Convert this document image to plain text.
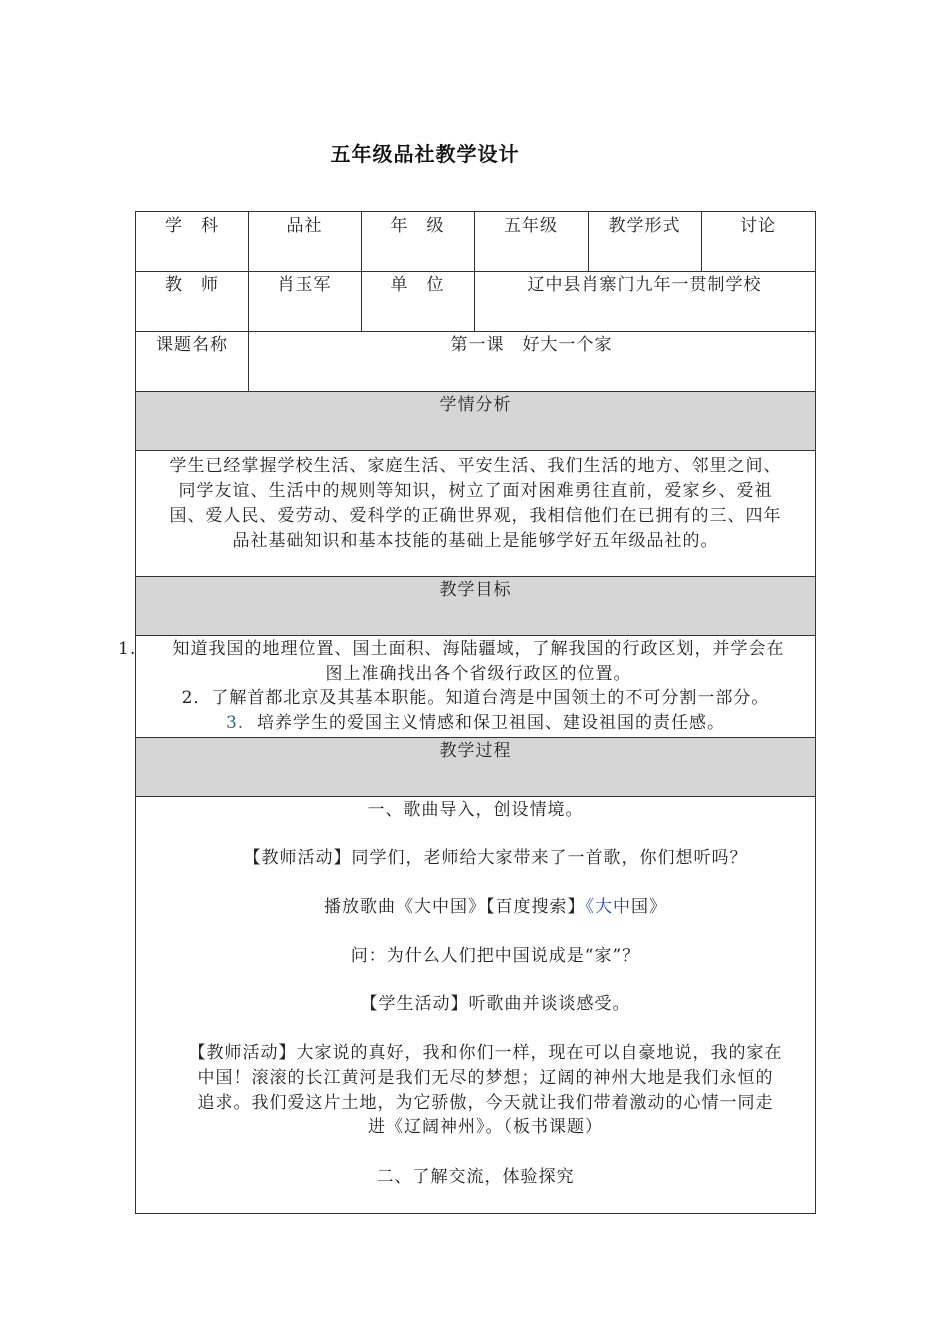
五年级品社教学设计
学　科	品社	年　级	五年级	教学形式	讨论
教　师	肖玉军	单　位	辽中县肖寨门九年一贯制学校
课题名称	第一课　好大一个家
学情分析
学生已经掌握学校生活、家庭生活、平安生活、我们生活的地方、邻里之间、
同学友谊、生活中的规则等知识，树立了面对困难勇往直前，爱家乡、爱祖
国、爱人民、爱劳动、爱科学的正确世界观，我相信他们在已拥有的三、四年
品社基础知识和基本技能的基础上是能够学好五年级品社的。
教学目标
1.	知道我国的地理位置、国土面积、海陆疆域，了解我国的行政区划，并学会在
图上准确找出各个省级行政区的位置。
2．了解首都北京及其基本职能。知道台湾是中国领土的不可分割一部分。
3. 培养学生的爱国主义情感和保卫祖国、建设祖国的责任感。
教学过程
一、歌曲导入，创设情境。
【教师活动】同学们，老师给大家带来了一首歌，你们想听吗？
播放歌曲《大中国》【百度搜索】《大中国》
问：为什么人们把中国说成是“家”？
【学生活动】听歌曲并谈谈感受。
【教师活动】大家说的真好，我和你们一样，现在可以自豪地说，我的家在
中国！滚滚的长江黄河是我们无尽的梦想；辽阔的神州大地是我们永恒的
追求。我们爱这片土地，为它骄傲，今天就让我们带着激动的心情一同走
进《辽阔神州》。（板书课题）
二、了解交流，体验探究
